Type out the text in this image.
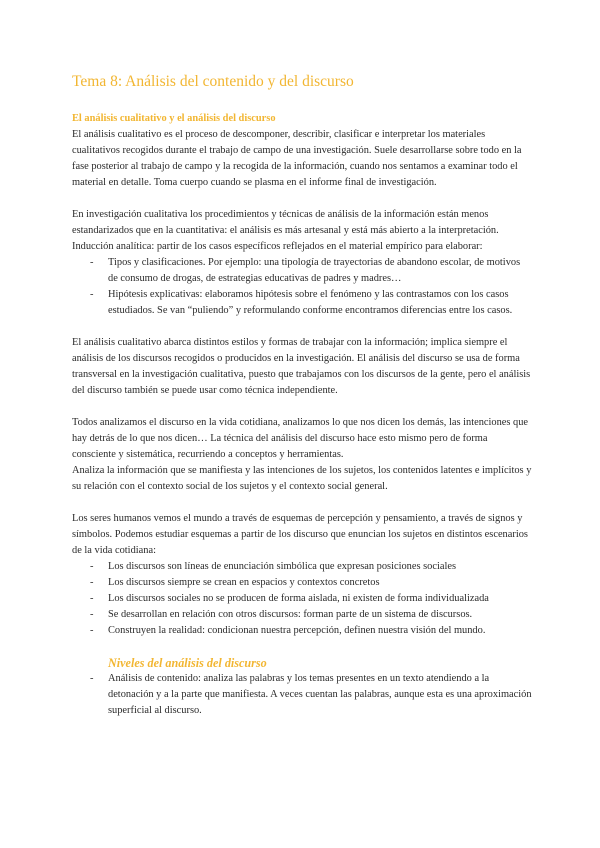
Tema 8: Análisis del contenido y del discurso
El análisis cualitativo y el análisis del discurso

El análisis cualitativo es el proceso de descomponer, describir, clasificar e interpretar los materiales cualitativos recogidos durante el trabajo de campo de una investigación. Suele desarrollarse sobre todo en la fase posterior al trabajo de campo y la recogida de la información, cuando nos sentamos a examinar todo el material en detalle. Toma cuerpo cuando se plasma en el informe final de investigación.

En investigación cualitativa los procedimientos y técnicas de análisis de la información están menos estandarizados que en la cuantitativa: el análisis es más artesanal y está más abierto a la interpretación. Inducción analítica: partir de los casos específicos reflejados en el material empírico para elaborar:

- Tipos y clasificaciones. Por ejemplo: una tipología de trayectorias de abandono escolar, de motivos de consumo de drogas, de estrategias educativas de padres y madres…
- Hipótesis explicativas: elaboramos hipótesis sobre el fenómeno y las contrastamos con los casos estudiados. Se van “puliendo” y reformulando conforme encontramos diferencias entre los casos.

El análisis cualitativo abarca distintos estilos y formas de trabajar con la información; implica siempre el análisis de los discursos recogidos o producidos en la investigación. El análisis del discurso se usa de forma transversal en la investigación cualitativa, puesto que trabajamos con los discursos de la gente, pero el análisis del discurso también se puede usar como técnica independiente.

Todos analizamos el discurso en la vida cotidiana, analizamos lo que nos dicen los demás, las intenciones que hay detrás de lo que nos dicen… La técnica del análisis del discurso hace esto mismo pero de forma consciente y sistemática, recurriendo a conceptos y herramientas.

Analiza la información que se manifiesta y las intenciones de los sujetos, los contenidos latentes e implícitos y su relación con el contexto social de los sujetos y el contexto social general.

Los seres humanos vemos el mundo a través de esquemas de percepción y pensamiento, a través de signos y símbolos. Podemos estudiar esquemas a partir de los discurso que enuncian los sujetos en distintos escenarios de la vida cotidiana:

- Los discursos son líneas de enunciación simbólica que expresan posiciones sociales
- Los discursos siempre se crean en espacios y contextos concretos
- Los discursos sociales no se producen de forma aislada, ni existen de forma individualizada
- Se desarrollan en relación con otros discursos: forman parte de un sistema de discursos.
- Construyen la realidad: condicionan nuestra percepción, definen nuestra visión del mundo.
Niveles del análisis del discurso
- Análisis de contenido: analiza las palabras y los temas presentes en un texto atendiendo a la detonación y a la parte que manifiesta. A veces cuentan las palabras, aunque esta es una aproximación superficial al discurso.
